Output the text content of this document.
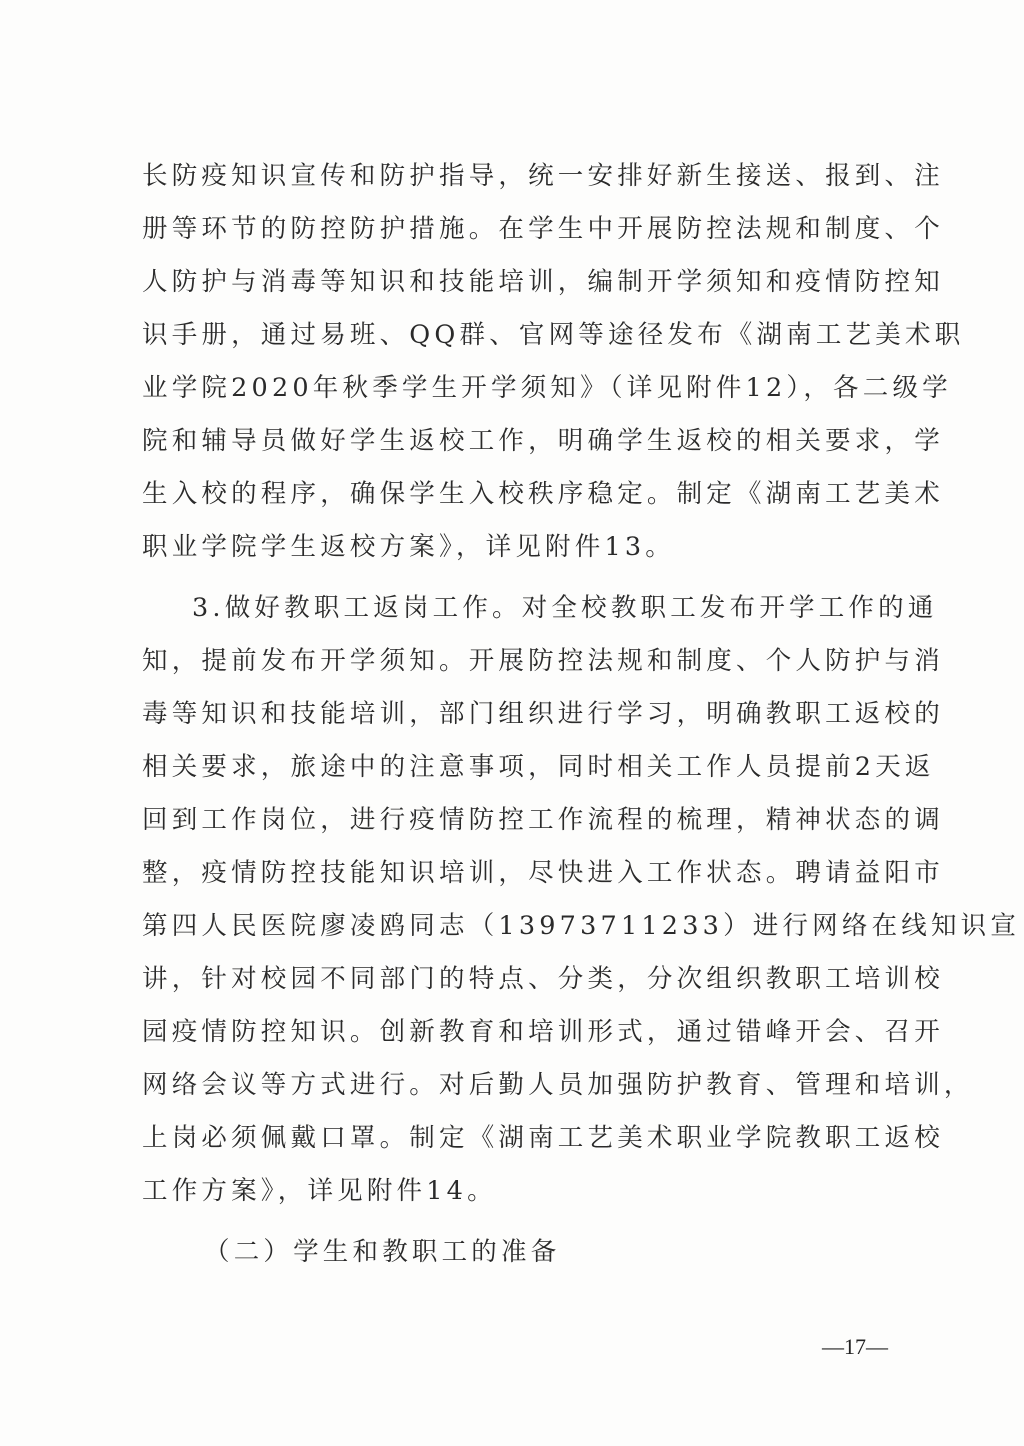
长防疫知识宣传和防护指导，统一安排好新生接送、报到、注
册等环节的防控防护措施。在学生中开展防控法规和制度、个
人防护与消毒等知识和技能培训，编制开学须知和疫情防控知
识手册，通过易班、QQ群、官网等途径发布《湖南工艺美术职
业学院2020年秋季学生开学须知》（详见附件12），各二级学
院和辅导员做好学生返校工作，明确学生返校的相关要求，学
生入校的程序，确保学生入校秩序稳定。制定《湖南工艺美术
职业学院学生返校方案》，详见附件13。
3.做好教职工返岗工作。对全校教职工发布开学工作的通
知，提前发布开学须知。开展防控法规和制度、个人防护与消
毒等知识和技能培训，部门组织进行学习，明确教职工返校的
相关要求，旅途中的注意事项，同时相关工作人员提前2天返
回到工作岗位，进行疫情防控工作流程的梳理，精神状态的调
整，疫情防控技能知识培训，尽快进入工作状态。聘请益阳市
第四人民医院廖凌鸥同志（13973711233）进行网络在线知识宣
讲，针对校园不同部门的特点、分类，分次组织教职工培训校
园疫情防控知识。创新教育和培训形式，通过错峰开会、召开
网络会议等方式进行。对后勤人员加强防护教育、管理和培训，
上岗必须佩戴口罩。制定《湖南工艺美术职业学院教职工返校
工作方案》，详见附件14。
（二）学生和教职工的准备
—17—
